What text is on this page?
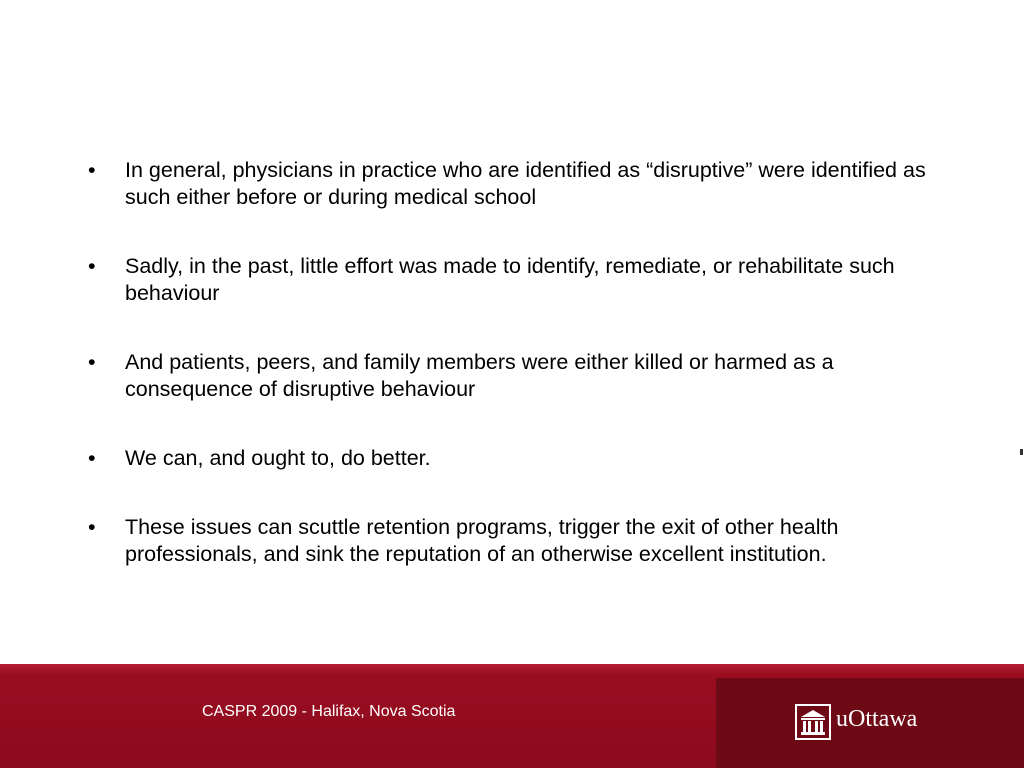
• In general, physicians in practice who are identified as “disruptive” were identified as such either before or during medical school
• Sadly, in the past, little effort was made to identify, remediate, or rehabilitate such behaviour
• And patients, peers, and family members were either killed or harmed as a consequence of disruptive behaviour
• We can, and ought to, do better.
• These issues can scuttle retention programs, trigger the exit of other health professionals, and sink the reputation of an otherwise excellent institution.
CASPR 2009 - Halifax, Nova Scotia	uOttawa
